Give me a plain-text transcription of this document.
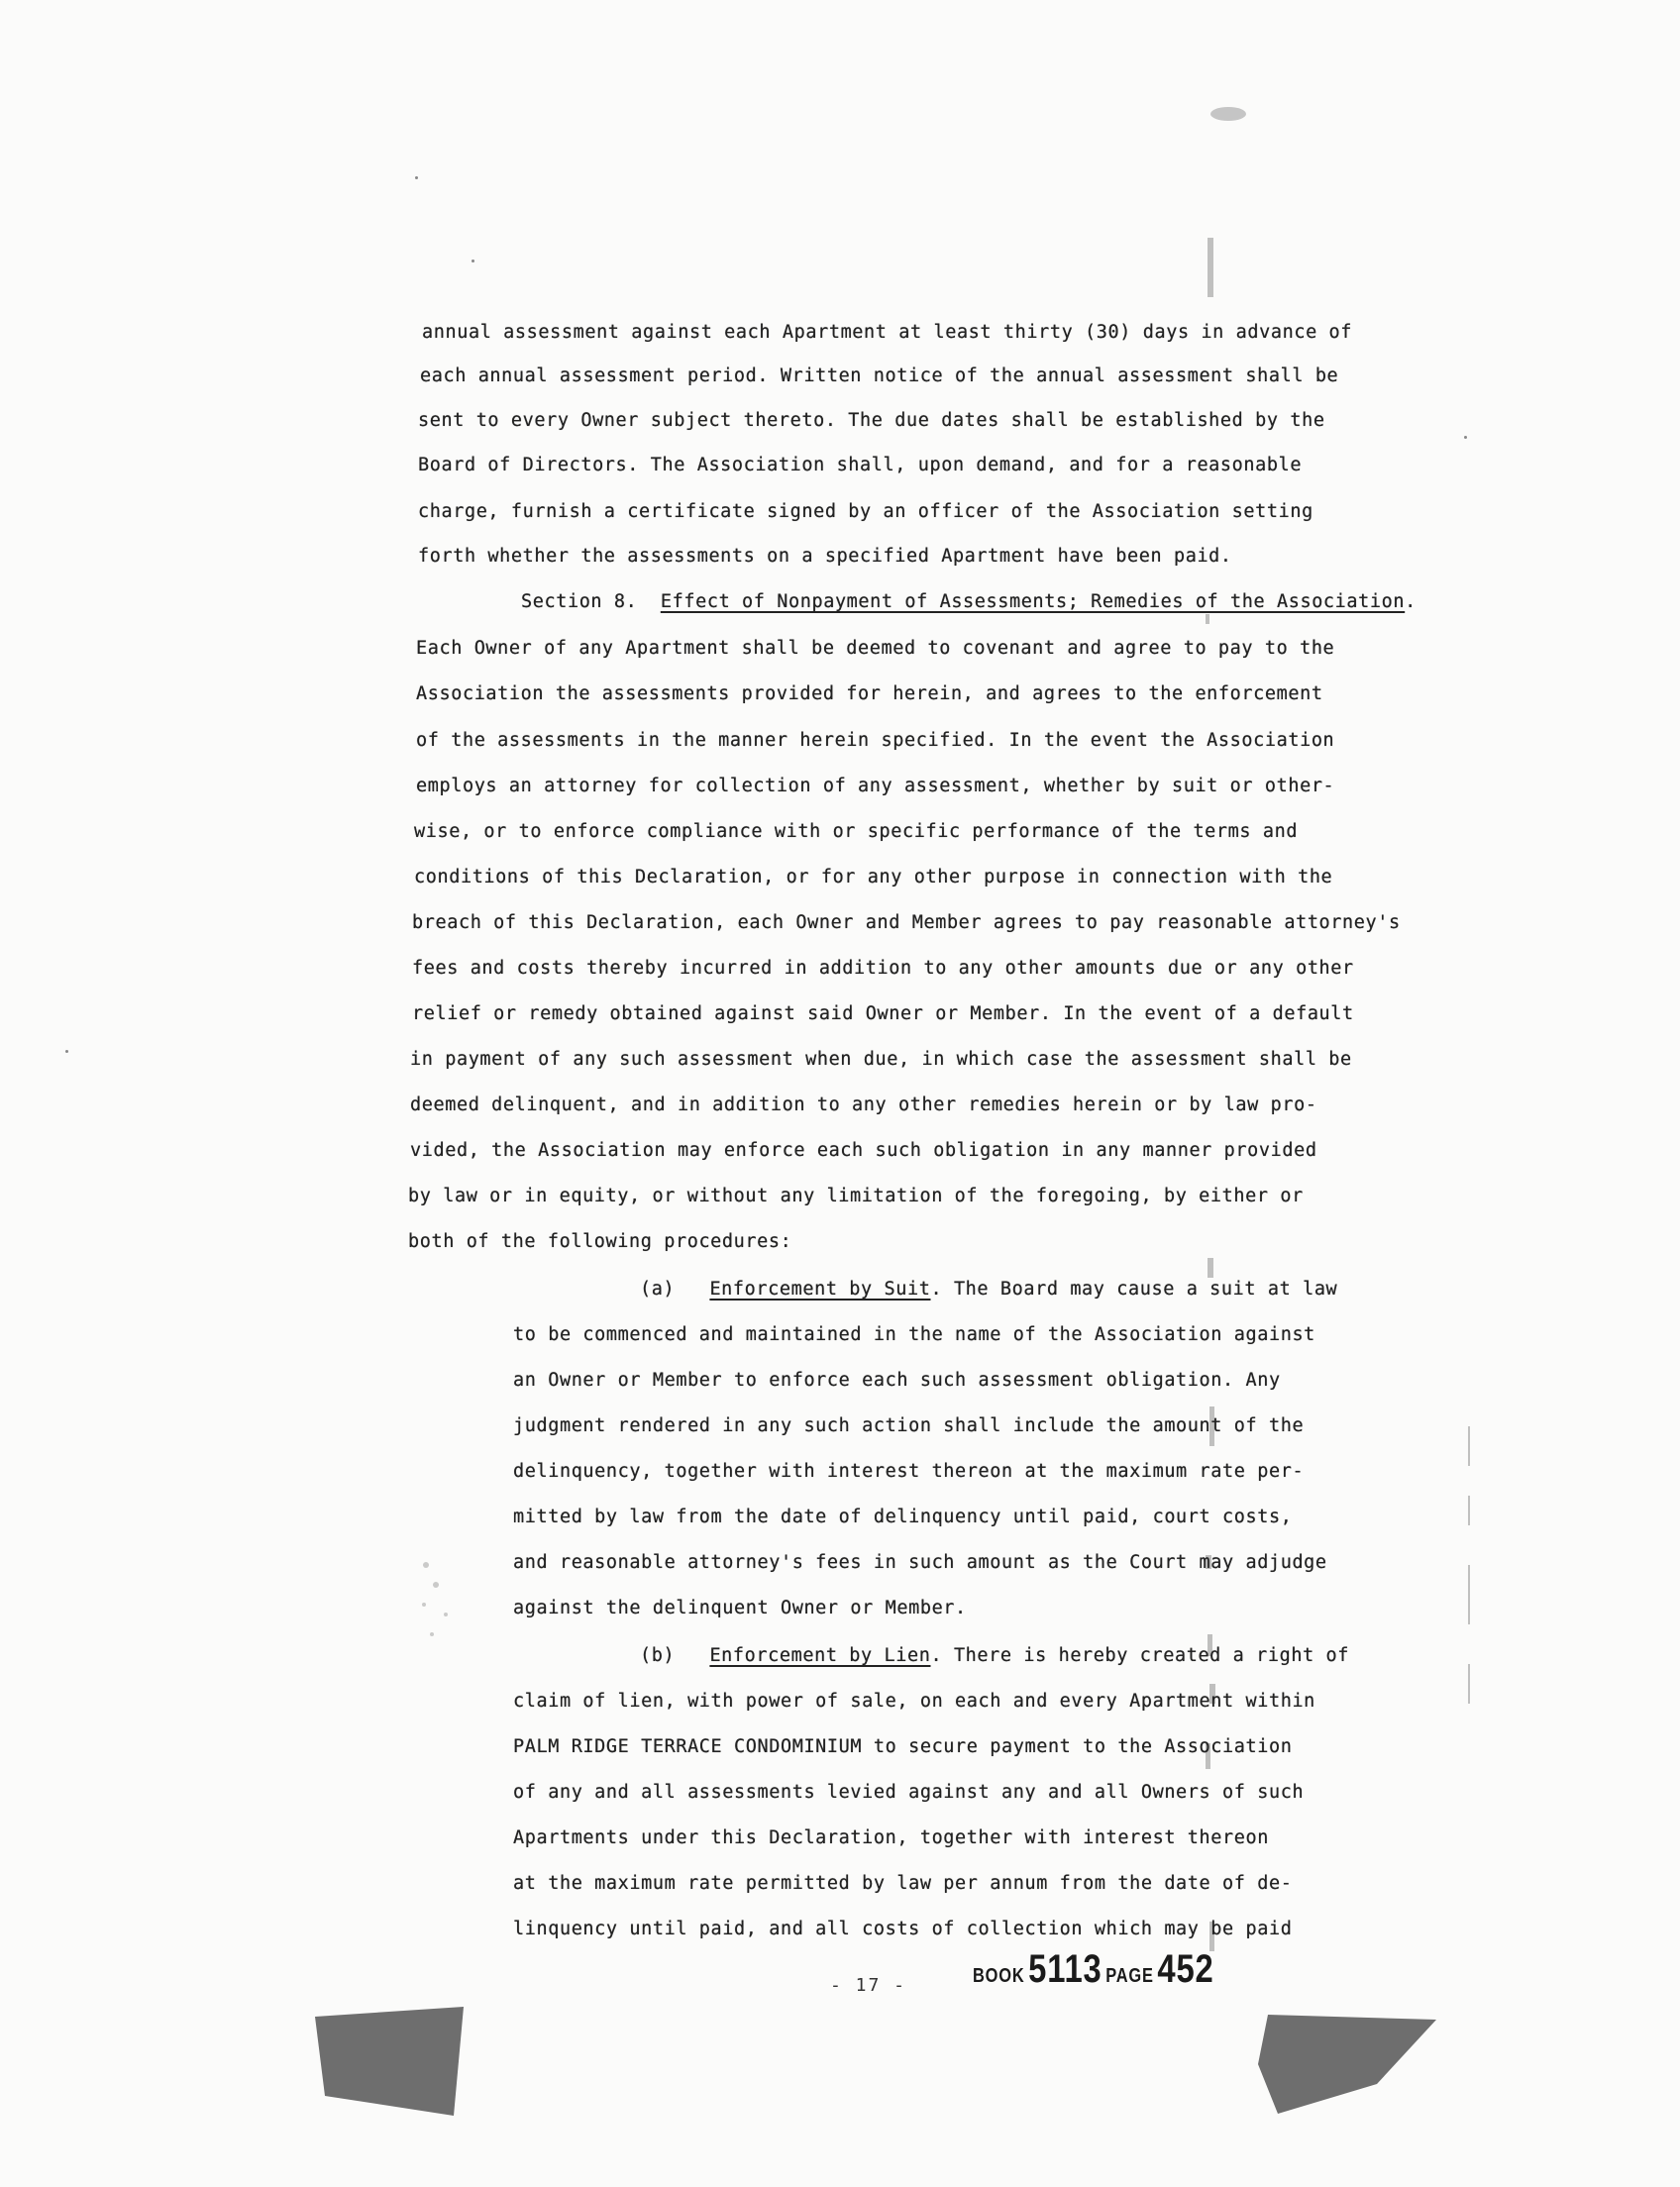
annual assessment against each Apartment at least thirty (30) days in advance of
each annual assessment period. Written notice of the annual assessment shall be
sent to every Owner subject thereto. The due dates shall be established by the
Board of Directors. The Association shall, upon demand, and for a reasonable
charge, furnish a certificate signed by an officer of the Association setting
forth whether the assessments on a specified Apartment have been paid.
Section 8. Effect of Nonpayment of Assessments; Remedies of the Association.
Each Owner of any Apartment shall be deemed to covenant and agree to pay to the
Association the assessments provided for herein, and agrees to the enforcement
of the assessments in the manner herein specified. In the event the Association
employs an attorney for collection of any assessment, whether by suit or other-
wise, or to enforce compliance with or specific performance of the terms and
conditions of this Declaration, or for any other purpose in connection with the
breach of this Declaration, each Owner and Member agrees to pay reasonable attorney's
fees and costs thereby incurred in addition to any other amounts due or any other
relief or remedy obtained against said Owner or Member. In the event of a default
in payment of any such assessment when due, in which case the assessment shall be
deemed delinquent, and in addition to any other remedies herein or by law pro-
vided, the Association may enforce each such obligation in any manner provided
by law or in equity, or without any limitation of the foregoing, by either or
both of the following procedures:
(a) Enforcement by Suit. The Board may cause a suit at law
to be commenced and maintained in the name of the Association against
an Owner or Member to enforce each such assessment obligation. Any
judgment rendered in any such action shall include the amount of the
delinquency, together with interest thereon at the maximum rate per-
mitted by law from the date of delinquency until paid, court costs,
and reasonable attorney's fees in such amount as the Court may adjudge
against the delinquent Owner or Member.
(b) Enforcement by Lien. There is hereby created a right of
claim of lien, with power of sale, on each and every Apartment within
PALM RIDGE TERRACE CONDOMINIUM to secure payment to the Association
of any and all assessments levied against any and all Owners of such
Apartments under this Declaration, together with interest thereon
at the maximum rate permitted by law per annum from the date of de-
linquency until paid, and all costs of collection which may be paid
- 17 -	BOOK 5113 PAGE 452
